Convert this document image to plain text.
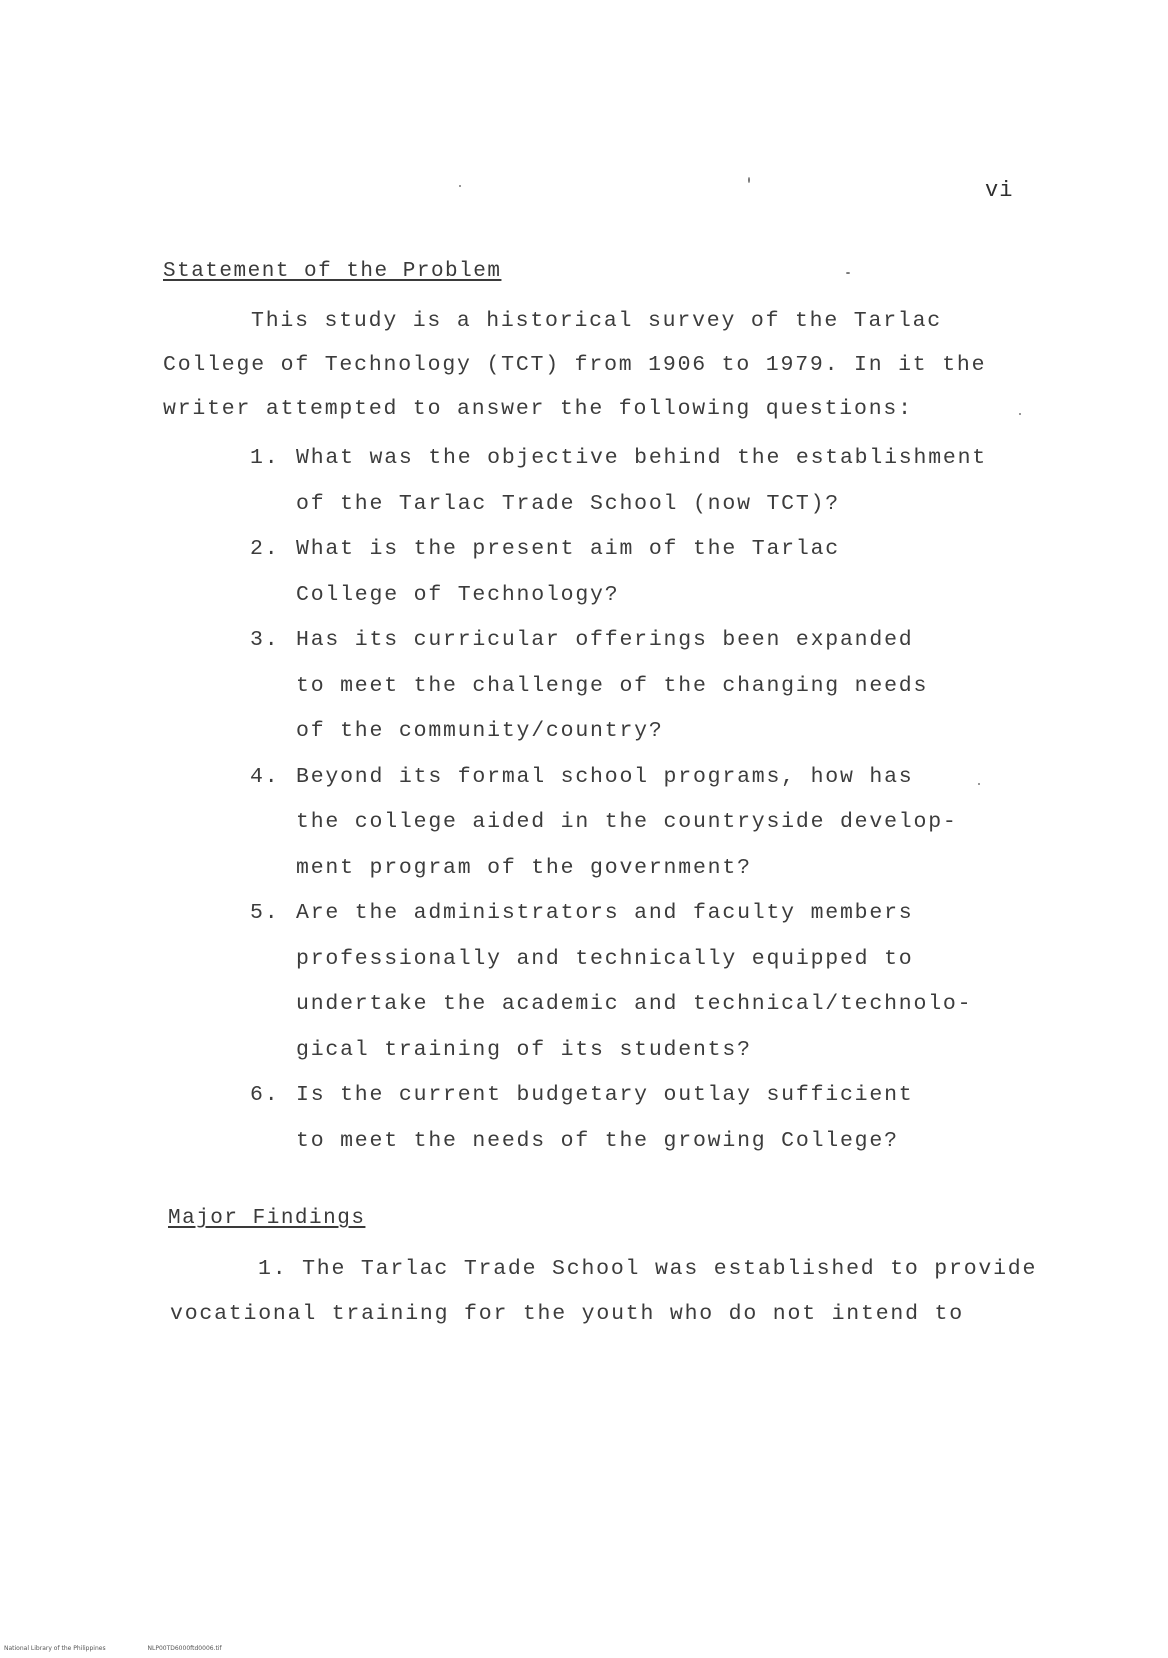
vi
Statement of the Problem
This study is a historical survey of the Tarlac
College of Technology (TCT) from 1906 to 1979. In it the
writer attempted to answer the following questions:
1. What was the objective behind the establishment
of the Tarlac Trade School (now TCT)?
2. What is the present aim of the Tarlac
College of Technology?
3. Has its curricular offerings been expanded
to meet the challenge of the changing needs
of the community/country?
4. Beyond its formal school programs, how has
the college aided in the countryside develop-
ment program of the government?
5. Are the administrators and faculty members
professionally and technically equipped to
undertake the academic and technical/technolo-
gical training of its students?
6. Is the current budgetary outlay sufficient
to meet the needs of the growing College?
Major Findings
1. The Tarlac Trade School was established to provide
vocational training for the youth who do not intend to
National Library of the Philippines	NLP00TD6000ftd0006.tif
